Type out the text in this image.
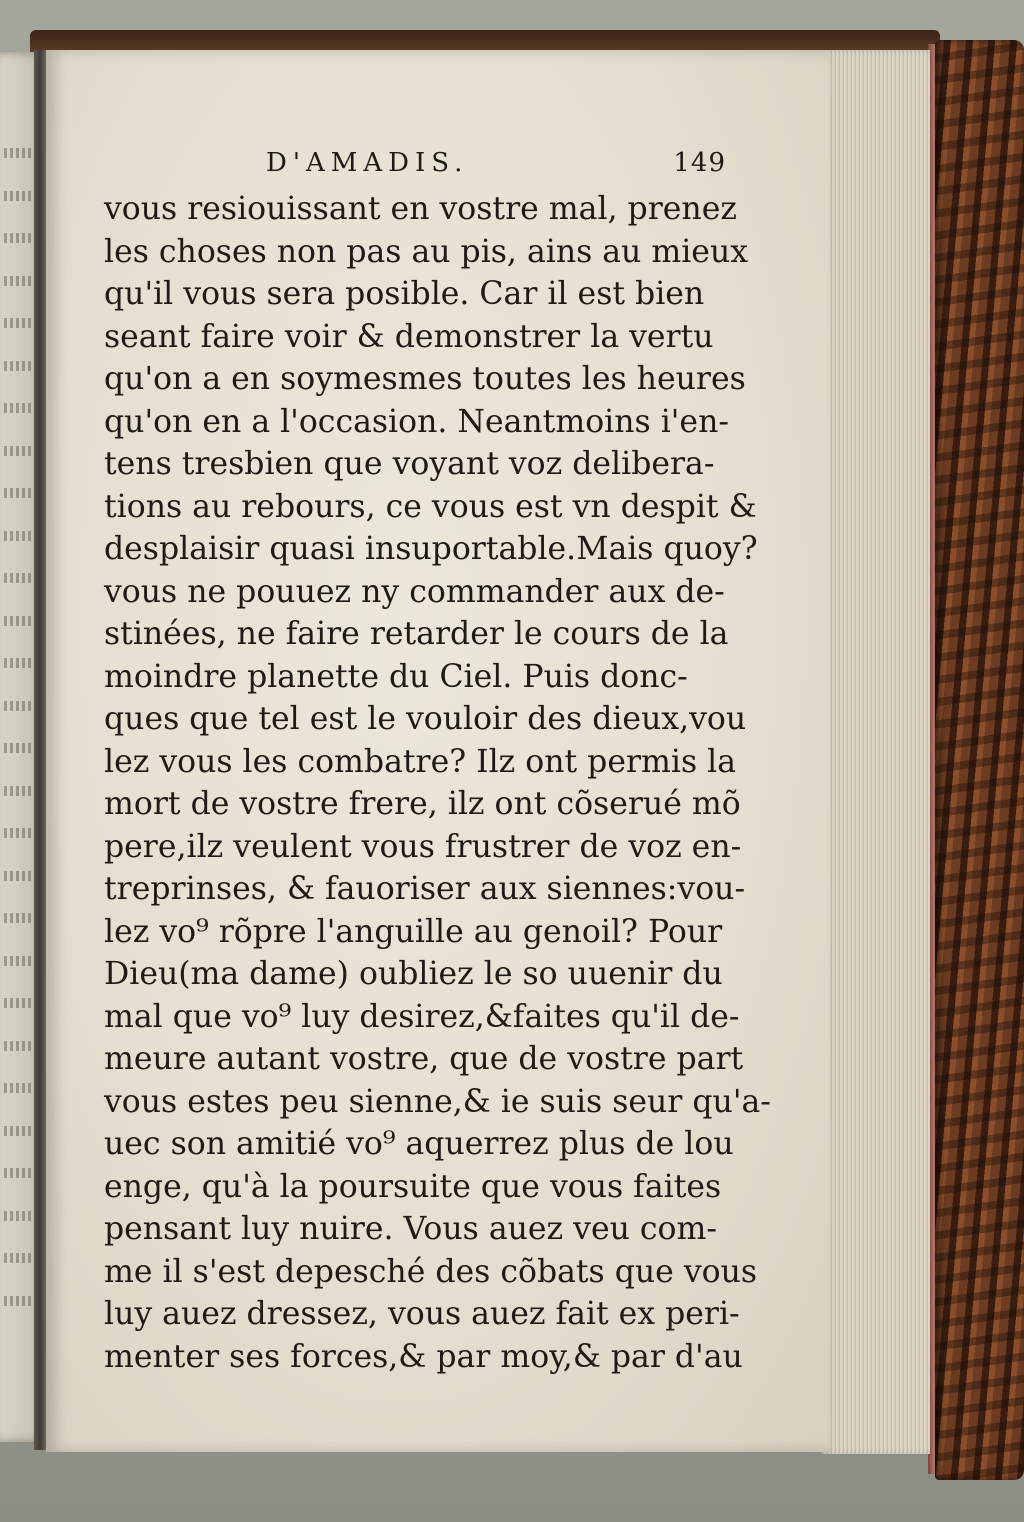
D'AMADIS.	149
vous resiouissant en vostre mal, prenez
les choses non pas au pis, ains au mieux
qu'il vous sera posible. Car il est bien
seant faire voir & demonstrer la vertu
qu'on a en soymesmes toutes les heures
qu'on en a l'occasion. Neantmoins i'en-
tens tresbien que voyant voz delibera-
tions au rebours, ce vous est vn despit &
desplaisir quasi insuportable.Mais quoy?
vous ne pouuez ny commander aux de-
stinées, ne faire retarder le cours de la
moindre planette du Ciel. Puis donc-
ques que tel est le vouloir des dieux,vou
lez vous les combatre? Ilz ont permis la
mort de vostre frere, ilz ont cõserué mõ
pere,ilz veulent vous frustrer de voz en-
treprinses, & fauoriser aux siennes:vou-
lez vo⁹ rõpre l'anguille au genoil? Pour
Dieu(ma dame) oubliez le so uuenir du
mal que vo⁹ luy desirez,&faites qu'il de-
meure autant vostre, que de vostre part
vous estes peu sienne,& ie suis seur qu'a-
uec son amitié vo⁹ aquerrez plus de lou
enge, qu'à la poursuite que vous faites
pensant luy nuire. Vous auez veu com-
me il s'est depesché des cõbats que vous
luy auez dressez, vous auez fait ex peri-
menter ses forces,& par moy,& par d'au
